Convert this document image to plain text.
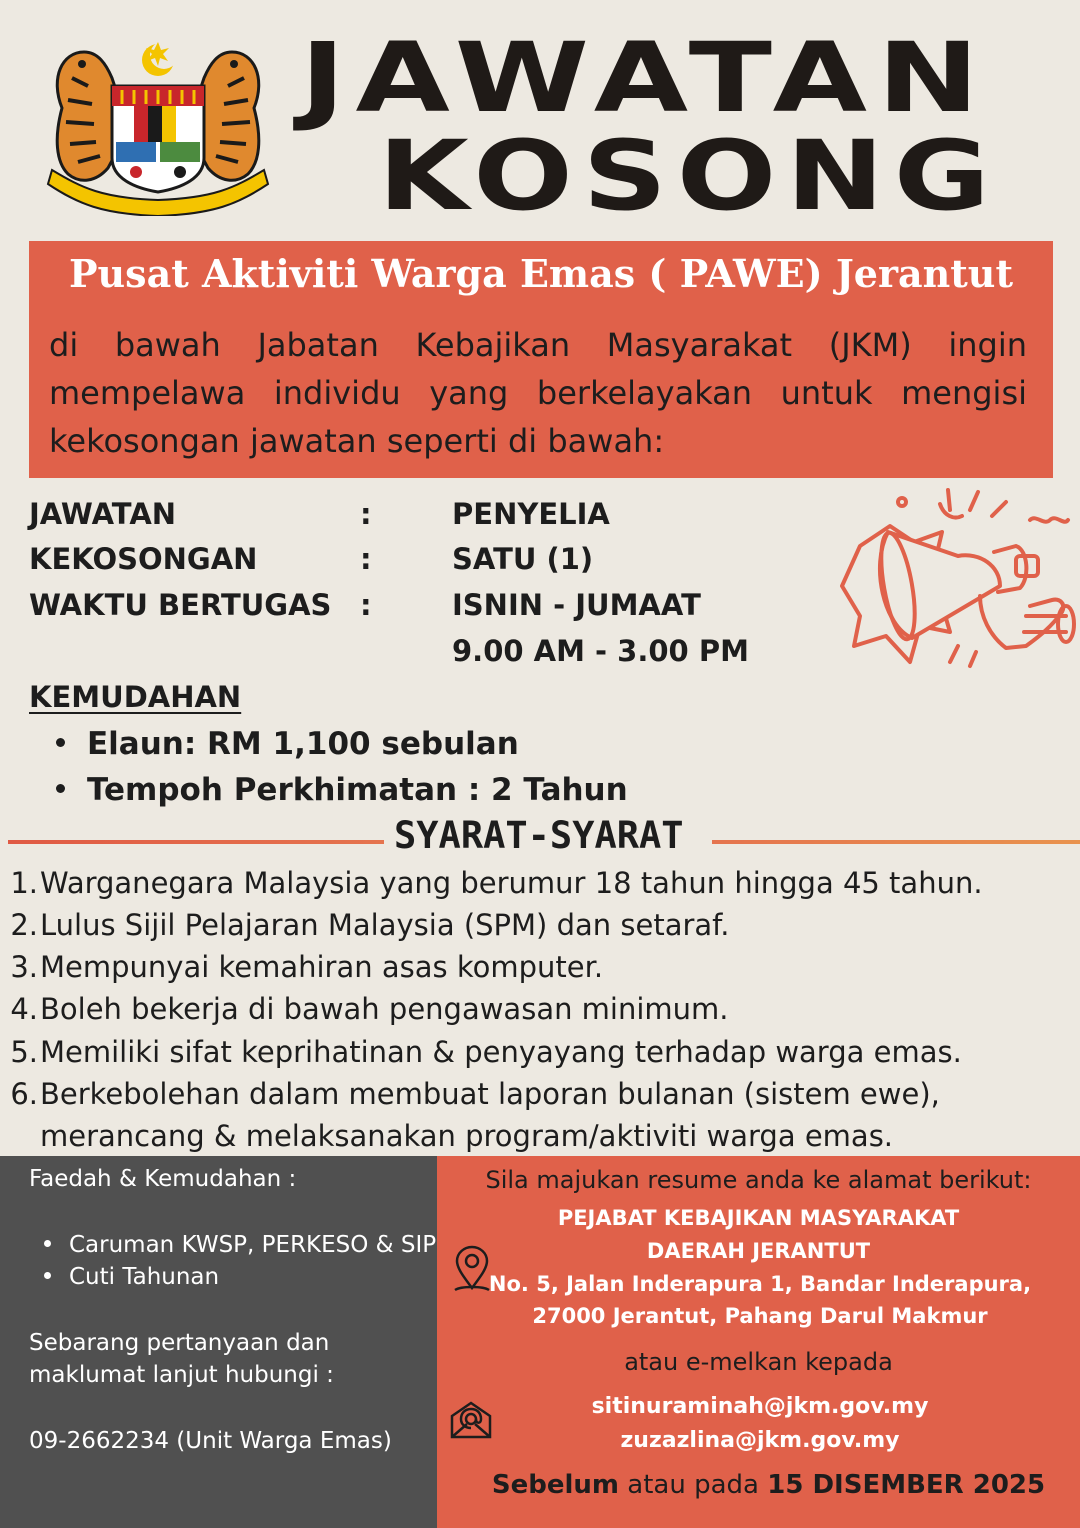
JAWATAN
KOSONG
Pusat Aktiviti Warga Emas ( PAWE) Jerantut
di bawah Jabatan Kebajikan Masyarakat (JKM) ingin mempelawa individu yang berkelayakan untuk mengisi kekosongan jawatan seperti di bawah:
JAWATAN	:	PENYELIA
KEKOSONGAN	:	SATU (1)
WAKTU BERTUGAS :	ISNIN - JUMAAT
9.00 AM - 3.00 PM
KEMUDAHAN
Elaun: RM 1,100 sebulan
Tempoh Perkhimatan : 2 Tahun
SYARAT-SYARAT
1. Warganegara Malaysia yang berumur 18 tahun hingga 45 tahun.
2. Lulus Sijil Pelajaran Malaysia (SPM) dan setaraf.
3. Mempunyai kemahiran asas komputer.
4. Boleh bekerja di bawah pengawasan minimum.
5. Memiliki sifat keprihatinan & penyayang terhadap warga emas.
6. Berkebolehan dalam membuat laporan bulanan (sistem ewe),
merancang & melaksanakan program/aktiviti warga emas.
Faedah & Kemudahan :
Caruman KWSP, PERKESO & SIP
Cuti Tahunan
Sebarang pertanyaan dan
maklumat lanjut hubungi :
09-2662234 (Unit Warga Emas)
Sila majukan resume anda ke alamat berikut:
PEJABAT KEBAJIKAN MASYARAKAT
DAERAH JERANTUT
No. 5, Jalan Inderapura 1, Bandar Inderapura,
27000 Jerantut, Pahang Darul Makmur
atau e-melkan kepada
sitinuraminah@jkm.gov.my
zuzazlina@jkm.gov.my
Sebelum atau pada 15 DISEMBER 2025
